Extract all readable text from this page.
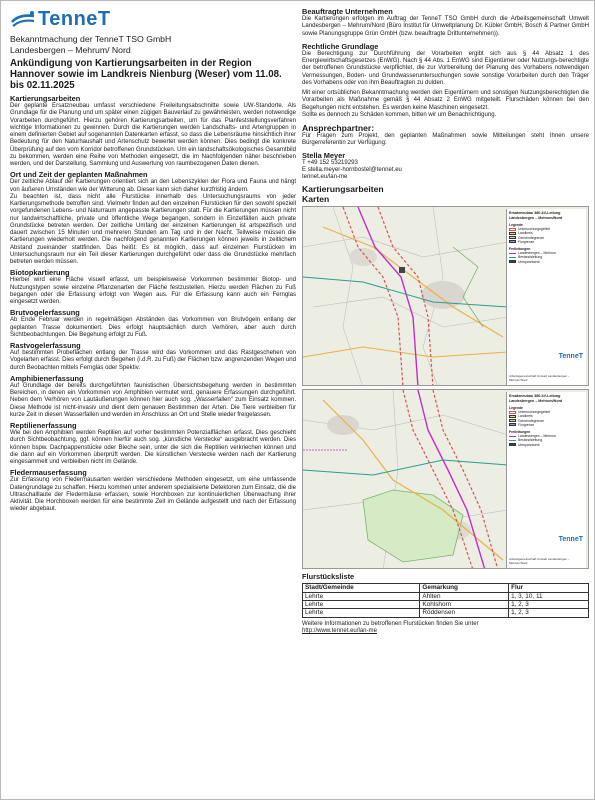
TenneT
Bekanntmachung der TenneT TSO GmbH
Landesbergen – Mehrum/ Nord
Ankündigung von Kartierungsarbeiten in der Region Hannover sowie im Landkreis Nienburg (Weser) vom 11.08. bis 02.11.2025
Kartierungsarbeiten

Der geplante Ersatzneubau umfasst verschiedene Freileitungsabschnitte sowie UW-Standorte. Als Grundlage für die Planung und um später einen zügigen Bauverlauf zu gewährleisten, werden notwendige Vorarbeiten durchgeführt. Hierzu gehören Kartierungsarbeiten, um für das Planfeststellungsverfahren wichtige Informationen zu gewinnen. Durch die Kartierungen werden Landschafts- und Artengruppen in einem definierten Gebiet auf sogenannten Datenkarten erfasst, so dass die Lebensräume hinsichtlich ihrer Bedeutung für den Naturhaushalt und Artenschutz bewertet werden können. Dies bedingt die konkrete Überprüfung auf den vom Korridor betroffenen Grundstücken. Um ein landschaftsökologisches Gesamtbild zu bekommen, werden eine Reihe von Methoden eingesetzt, die im Nachfolgenden näher beschrieben werden, und der Darstellung, Sammlung und Auswertung von raumbezogenen Daten dienen.

Ort und Zeit der geplanten Maßnahmen

Der zeitliche Ablauf der Kartierungen orientiert sich an den Lebenszyklen der Flora und Fauna und hängt von äußeren Umständen wie der Witterung ab. Dieser kann sich daher kurzfristig ändern.

Zu beachten ist, dass nicht alle Flurstücke innerhalb des Untersuchungsraums von jeder Kartierungsmethode betroffen sind. Vielmehr finden auf den einzelnen Flurstücken für den sowohl speziell vorgefundenen Lebens- und Naturraum angepasste Kartierungen statt. Für die Kartierungen müssen nicht nur landwirtschaftliche, private und öffentliche Wege begangen, sondern in Einzelfällen auch private Grundstücke betreten werden. Der zeitliche Umfang der einzelnen Kartierungen ist artspezifisch und dauert zwischen 15 Minuten und mehreren Stunden am Tag und in der Nacht. Teilweise müssen die Kartierungen wiederholt werden. Die nachfolgend genannten Kartierungen können jeweils in zeitlichem Abstand zueinander stattfinden. Das heißt: Es ist möglich, dass auf einzelnen Flurstücken im Untersuchungsraum nur ein Teil dieser Kartierungen durchgeführt oder dass die Grundstücke mehrfach betreten werden müssen.

Biotopkartierung

Hierbei wird eine Fläche visuell erfasst, um beispielsweise Vorkommen bestimmter Biotop- und Nutzungstypen sowie einzelne Pflanzenarten der Fläche festzustellen. Hierzu werden Flächen zu Fuß begangen oder die Erfassung erfolgt von Wegen aus. Für die Erfassung kann auch ein Fernglas eingesetzt werden.

Brutvogelerfassung

Ab Ende Februar werden in regelmäßigen Abständen das Vorkommen von Brutvögeln entlang der geplanten Trasse dokumentiert. Dies erfolgt hauptsächlich durch Verhören, aber auch durch Sichtbeobachtungen. Die Begehung erfolgt zu Fuß.

Rastvogelerfassung

Auf bestimmten Probeflächen entlang der Trasse wird das Vorkommen und das Rastgeschehen von Vogelarten erfasst. Dies erfolgt durch Begehen (i.d.R. zu Fuß) der Flächen bzw. angrenzenden Wegen und durch Beobachten mittels Fernglas oder Spektiv.

Amphibienerfassung

Auf Grundlage der bereits durchgeführten faunistischen Übersichtsbegehung werden in bestimmten Bereichen, in denen ein Vorkommen von Amphibien vermutet wird, genauere Erfassungen durchgeführt. Neben dem Verhören von Lautäußerungen können hier auch sog. „Wasserfallen“ zum Einsatz kommen. Diese Methode ist nicht-invasiv und dient dem genauen Bestimmen der Arten. Die Tiere verbleiben für kurze Zeit in diesen Wasserfallen und werden im Anschluss an Ort und Stelle wieder freigelassen.

Reptilienerfassung

Wie bei den Amphibien werden Reptilien auf vorher bestimmten Potenzialflächen erfasst. Dies geschieht durch Sichtbeobachtung, ggf. können hierfür auch sog. „künstliche Verstecke“ ausgebracht werden. Dies können bspw. Dachpappenstücke oder Bleche sein, unter die sich die Reptilien verkriechen können und die dann auf ein Vorkommen überprüft werden. Die künstlichen Verstecke werden nach der Kartierung eingesammelt und verbleiben nicht im Gelände.

Fledermauserfassung

Zur Erfassung von Fledermausarten werden verschiedene Methoden eingesetzt, um eine umfassende Datengrundlage zu schaffen. Hierzu kommen unter anderem spezialisierte Detektoren zum Einsatz, die die Ultraschalllaute der Fledermäuse erfassen, sowie Horchboxen zur kontinuierlichen Überwachung ihrer Aktivität. Die Horchboxen werden für eine bestimmte Zeit im Gelände aufgestellt und nach der Erfassung wieder abgebaut.

Beauftragte Unternehmen

Die Kartierungen erfolgen im Auftrag der TenneT TSO GmbH durch die Arbeitsgemeinschaft Umwelt Landesbergen – Mehrum/Nord (Büro Institut für Umweltplanung Dr. Kübler GmbH, Bosch & Partner GmbH sowie Planungsgruppe Grün GmbH (bzw. beauftragte Drittunternehmen)).

Rechtliche Grundlage

Die Berechtigung zur Durchführung der Vorarbeiten ergibt sich aus § 44 Absatz 1 des Energiewirtschaftsgesetzes (EnWG). Nach § 44 Abs. 1 EnWG sind Eigentümer oder Nutzungs-berechtigte der betroffenen Grundstücke verpflichtet, die zur Vorbereitung der Planung des Vorhabens notwendigen Vermessungen, Boden- und Grundwasseruntersuchungen sowie sonstige Vorarbeiten durch den Träger des Vorhabens oder von ihm Beauftragten zu dulden.

Mit einer ortsüblichen Bekanntmachung werden den Eigentümern und sonstigen Nutzungsberechtigten die Vorarbeiten als Maßnahme gemäß § 44 Absatz 2 EnWG mitgeteilt. Flurschäden können bei den Begehungen nicht entstehen. Es werden keine Maschinen eingesetzt.

Sollte es dennoch zu Schäden kommen, bitten wir um Benachrichtigung.

Ansprechpartner:

Für Fragen zum Projekt, den geplanten Maßnahmen sowie Mitteilungen steht Ihnen unsere Bürgerreferentin zur Verfügung:

Stella Meyer
T +49 152 53219293
E stella.meyer-hornbostel@tennet.eu
tennet.eu/lan-me
Kartierungsarbeiten
Karten
Ersatzneubau 380-kV-Leitung Landesbergen – Mehrum/Nord
Legende
Untersuchungsgebiet
Landkreis
Gemeindegrenze
Flurgrenze
Freileitungen
Landesbergen – Mehrum
Bestandsleitung
Umspannwerk
TenneT
Arbeitsgemeinschaft Umwelt Landesbergen – Mehrum/Nord
Ersatzneubau 380-kV-Leitung Landesbergen – Mehrum/Nord
Legende
Untersuchungsgebiet
Landkreis
Gemeindegrenze
Flurgrenze
Freileitungen
Landesbergen – Mehrum
Bestandsleitung
Umspannwerk
TenneT
Arbeitsgemeinschaft Umwelt Landesbergen – Mehrum/Nord
Flurstücksliste
Stadt/Gemeinde	Gemarkung	Flur
Lehrte	Ahlten	1, 3, 10, 11
Lehrte	Kohlshorn	1, 2, 3
Lehrte	Röddensen	1, 2, 3

Weitere Informationen zu betroffenen Flurstücken finden Sie unter

http://www.tennet.eu/lan-me
